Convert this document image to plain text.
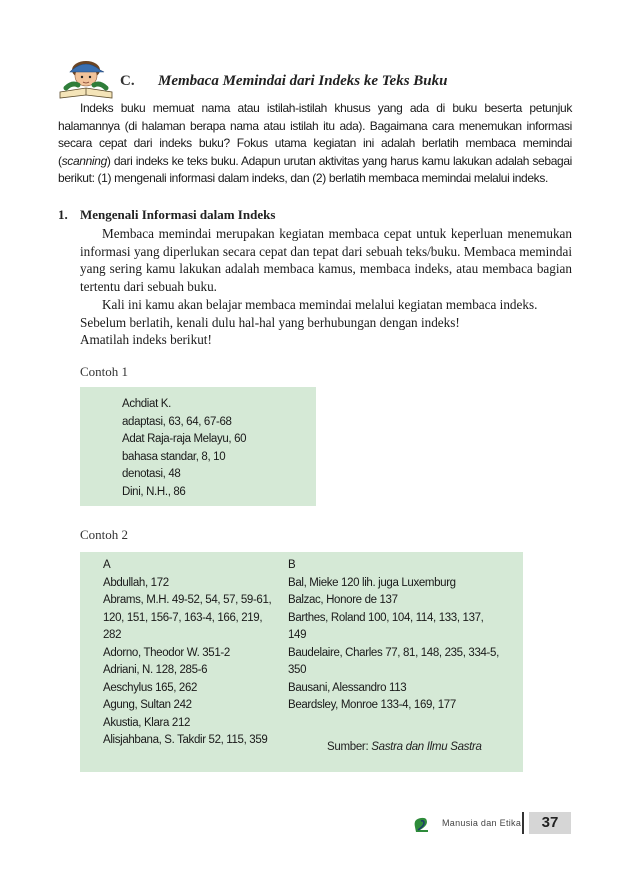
C. Membaca Memindai dari Indeks ke Teks Buku
Indeks buku memuat nama atau istilah-istilah khusus yang ada di buku beserta petunjuk halamannya (di halaman berapa nama atau istilah itu ada). Bagaimana cara menemukan informasi secara cepat dari indeks buku? Fokus utama kegiatan ini adalah berlatih membaca memindai (scanning) dari indeks ke teks buku. Adapun urutan aktivitas yang harus kamu lakukan adalah sebagai berikut: (1) mengenali informasi dalam indeks, dan (2) berlatih membaca memindai melalui indeks.
1. Mengenali Informasi dalam Indeks
Membaca memindai merupakan kegiatan membaca cepat untuk keperluan menemukan informasi yang diperlukan secara cepat dan tepat dari sebuah teks/buku. Membaca memindai yang sering kamu lakukan adalah membaca kamus, membaca indeks, atau membaca bagian tertentu dari sebuah buku.
Kali ini kamu akan belajar membaca memindai melalui kegiatan membaca indeks.
Sebelum berlatih, kenali dulu hal-hal yang berhubungan dengan indeks!
Amatilah indeks berikut!
Contoh 1
Achdiat K.
adaptasi, 63, 64, 67-68
Adat Raja-raja Melayu, 60
bahasa standar, 8, 10
denotasi, 48
Dini, N.H., 86
Contoh 2
A
Abdullah, 172
Abrams, M.H. 49-52, 54, 57, 59-61,
120, 151, 156-7, 163-4, 166, 219,
282
Adorno, Theodor W. 351-2
Adriani, N. 128, 285-6
Aeschylus 165, 262
Agung, Sultan 242
Akustia, Klara 212
Alisjahbana, S. Takdir 52, 115, 359
B
Bal, Mieke 120 lih. juga Luxemburg
Balzac, Honore de 137
Barthes, Roland 100, 104, 114, 133, 137,
149
Baudelaire, Charles 77, 81, 148, 235, 334-5,
350
Bausani, Alessandro 113
Beardsley, Monroe 133-4, 169, 177
Sumber: Sastra dan Ilmu Sastra
Manusia dan Etika	37
